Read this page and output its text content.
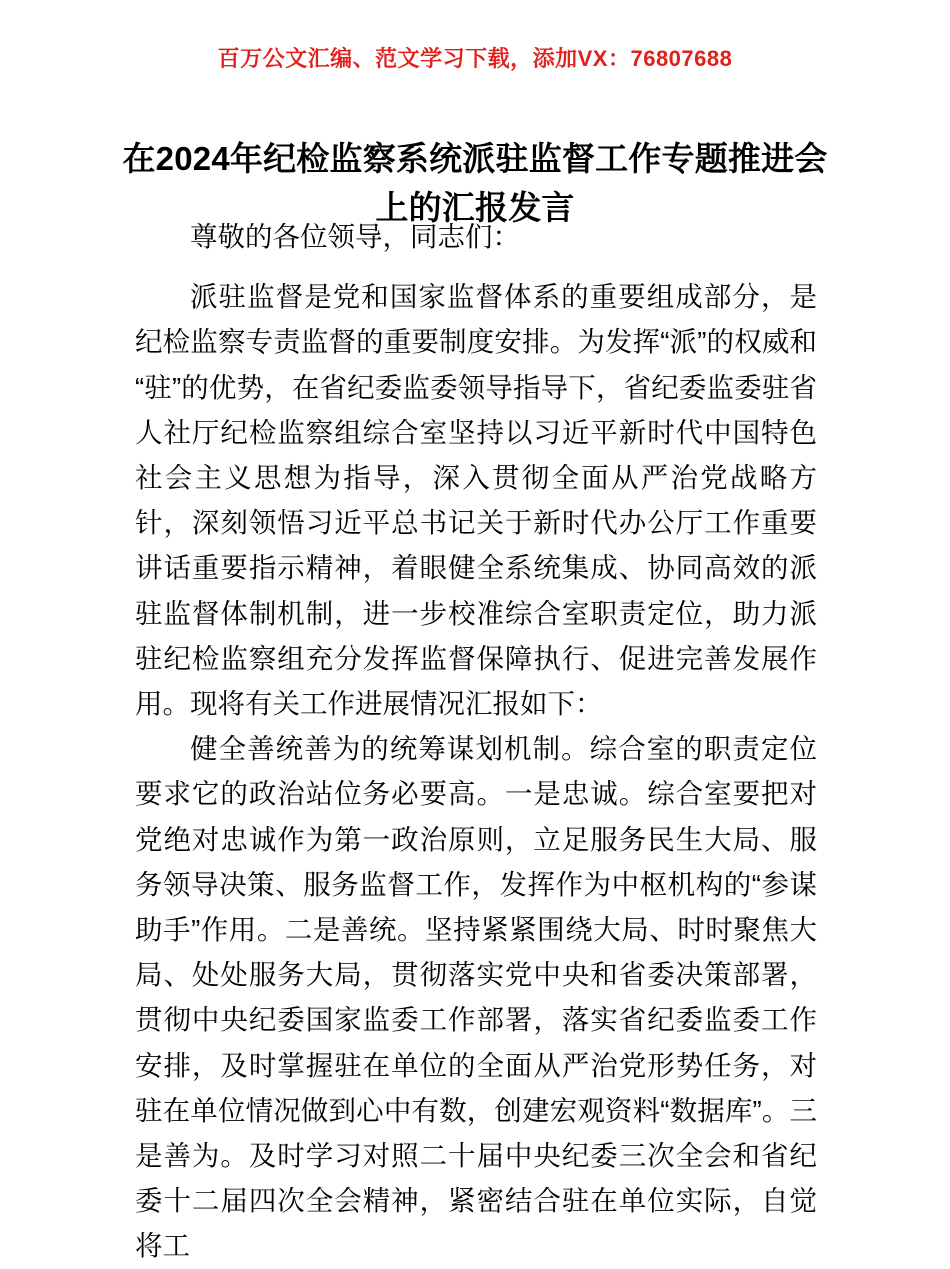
百万公文汇编、范文学习下载，添加VX：76807688
在2024年纪检监察系统派驻监督工作专题推进会上的汇报发言

尊敬的各位领导，同志们：

派驻监督是党和国家监督体系的重要组成部分，是纪检监察专责监督的重要制度安排。为发挥“派”的权威和“驻”的优势，在省纪委监委领导指导下，省纪委监委驻省人社厅纪检监察组综合室坚持以习近平新时代中国特色社会主义思想为指导，深入贯彻全面从严治党战略方针，深刻领悟习近平总书记关于新时代办公厅工作重要讲话重要指示精神，着眼健全系统集成、协同高效的派驻监督体制机制，进一步校准综合室职责定位，助力派驻纪检监察组充分发挥监督保障执行、促进完善发展作用。现将有关工作进展情况汇报如下：

健全善统善为的统筹谋划机制。综合室的职责定位要求它的政治站位务必要高。一是忠诚。综合室要把对党绝对忠诚作为第一政治原则，立足服务民生大局、服务领导决策、服务监督工作，发挥作为中枢机构的“参谋助手”作用。二是善统。坚持紧紧围绕大局、时时聚焦大局、处处服务大局，贯彻落实党中央和省委决策部署，贯彻中央纪委国家监委工作部署，落实省纪委监委工作安排，及时掌握驻在单位的全面从严治党形势任务，对驻在单位情况做到心中有数，创建宏观资料“数据库”。三是善为。及时学习对照二十届中央纪委三次全会和省纪委十二届四次全会精神，紧密结合驻在单位实际，自觉将工
